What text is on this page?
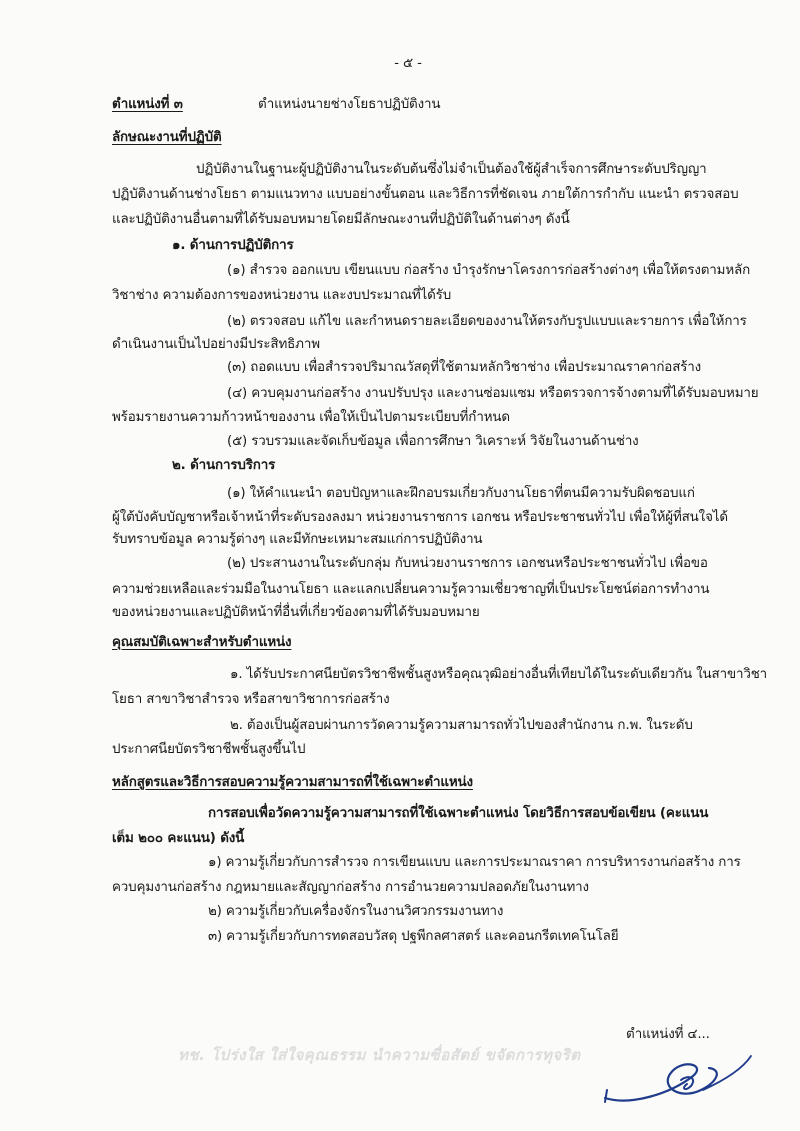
- ๕ -
ตำแหน่งที่ ๓	ตำแหน่งนายช่างโยธาปฏิบัติงาน
ลักษณะงานที่ปฏิบัติ
ปฏิบัติงานในฐานะผู้ปฏิบัติงานในระดับต้นซึ่งไม่จำเป็นต้องใช้ผู้สำเร็จการศึกษาระดับปริญญา
ปฏิบัติงานด้านช่างโยธา ตามแนวทาง แบบอย่างขั้นตอน และวิธีการที่ชัดเจน ภายใต้การกำกับ แนะนำ ตรวจสอบ
และปฏิบัติงานอื่นตามที่ได้รับมอบหมายโดยมีลักษณะงานที่ปฏิบัติในด้านต่างๆ ดังนี้
๑. ด้านการปฏิบัติการ
(๑) สำรวจ ออกแบบ เขียนแบบ ก่อสร้าง บำรุงรักษาโครงการก่อสร้างต่างๆ เพื่อให้ตรงตามหลัก
วิชาช่าง ความต้องการของหน่วยงาน และงบประมาณที่ได้รับ
(๒) ตรวจสอบ แก้ไข และกำหนดรายละเอียดของงานให้ตรงกับรูปแบบและรายการ เพื่อให้การ
ดำเนินงานเป็นไปอย่างมีประสิทธิภาพ
(๓) ถอดแบบ เพื่อสำรวจปริมาณวัสดุที่ใช้ตามหลักวิชาช่าง เพื่อประมาณราคาก่อสร้าง
(๔) ควบคุมงานก่อสร้าง งานปรับปรุง และงานซ่อมแซม หรือตรวจการจ้างตามที่ได้รับมอบหมาย
พร้อมรายงานความก้าวหน้าของงาน เพื่อให้เป็นไปตามระเบียบที่กำหนด
(๕) รวบรวมและจัดเก็บข้อมูล เพื่อการศึกษา วิเคราะห์ วิจัยในงานด้านช่าง
๒. ด้านการบริการ
(๑) ให้คำแนะนำ ตอบปัญหาและฝึกอบรมเกี่ยวกับงานโยธาที่ตนมีความรับผิดชอบแก่
ผู้ใต้บังคับบัญชาหรือเจ้าหน้าที่ระดับรองลงมา หน่วยงานราชการ เอกชน หรือประชาชนทั่วไป เพื่อให้ผู้ที่สนใจได้
รับทราบข้อมูล ความรู้ต่างๆ และมีทักษะเหมาะสมแก่การปฏิบัติงาน
(๒) ประสานงานในระดับกลุ่ม กับหน่วยงานราชการ เอกชนหรือประชาชนทั่วไป เพื่อขอ
ความช่วยเหลือและร่วมมือในงานโยธา และแลกเปลี่ยนความรู้ความเชี่ยวชาญที่เป็นประโยชน์ต่อการทำงาน
ของหน่วยงานและปฏิบัติหน้าที่อื่นที่เกี่ยวข้องตามที่ได้รับมอบหมาย
คุณสมบัติเฉพาะสำหรับตำแหน่ง
๑. ได้รับประกาศนียบัตรวิชาชีพชั้นสูงหรือคุณวุฒิอย่างอื่นที่เทียบได้ในระดับเดียวกัน ในสาขาวิชา
โยธา สาขาวิชาสำรวจ หรือสาขาวิชาการก่อสร้าง
๒. ต้องเป็นผู้สอบผ่านการวัดความรู้ความสามารถทั่วไปของสำนักงาน ก.พ. ในระดับ
ประกาศนียบัตรวิชาชีพชั้นสูงขึ้นไป
หลักสูตรและวิธีการสอบความรู้ความสามารถที่ใช้เฉพาะตำแหน่ง
การสอบเพื่อวัดความรู้ความสามารถที่ใช้เฉพาะตำแหน่ง โดยวิธีการสอบข้อเขียน (คะแนน
เต็ม ๒๐๐ คะแนน) ดังนี้
๑) ความรู้เกี่ยวกับการสำรวจ การเขียนแบบ และการประมาณราคา การบริหารงานก่อสร้าง การ
ควบคุมงานก่อสร้าง กฎหมายและสัญญาก่อสร้าง การอำนวยความปลอดภัยในงานทาง
๒) ความรู้เกี่ยวกับเครื่องจักรในงานวิศวกรรมงานทาง
๓) ความรู้เกี่ยวกับการทดสอบวัสดุ ปฐพีกลศาสตร์ และคอนกรีตเทคโนโลยี
ตำแหน่งที่ ๔...
ทช. โปร่งใส ใส่ใจคุณธรรม นำความซื่อสัตย์ ขจัดการทุจริต
